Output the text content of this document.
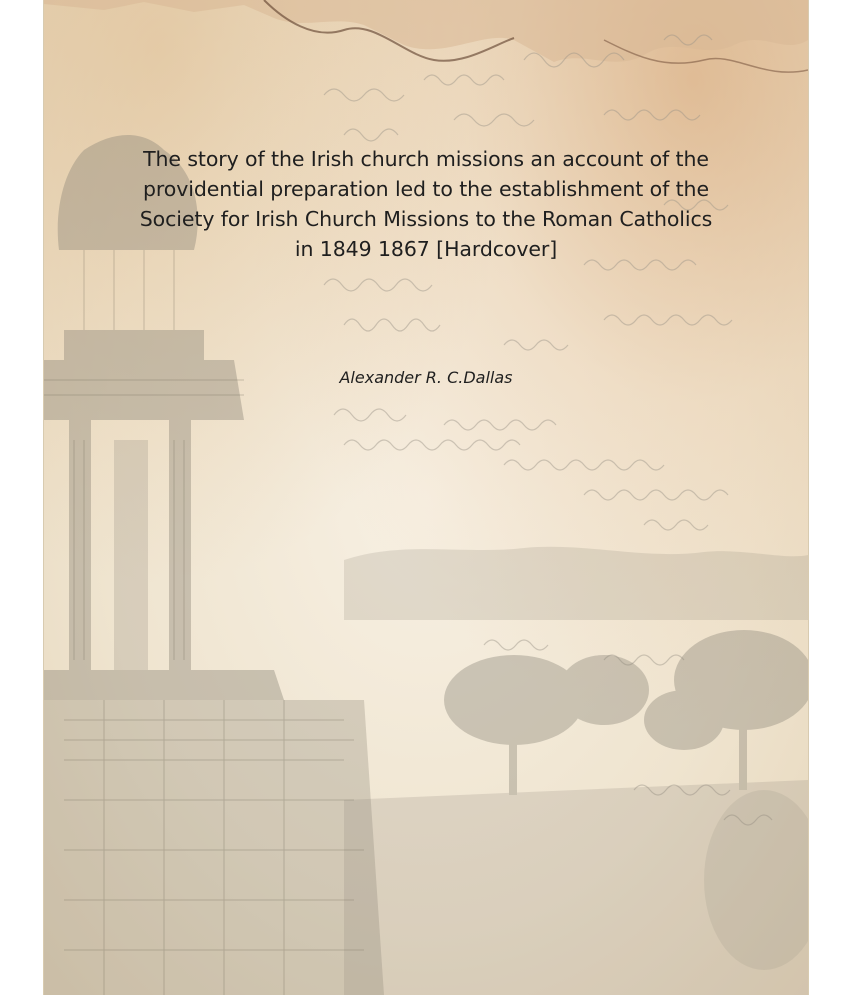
The story of the Irish church missions an account of the
providential preparation led to the establishment of the
Society for Irish Church Missions to the Roman Catholics
in 1849 1867 [Hardcover]
Alexander R. C.Dallas
